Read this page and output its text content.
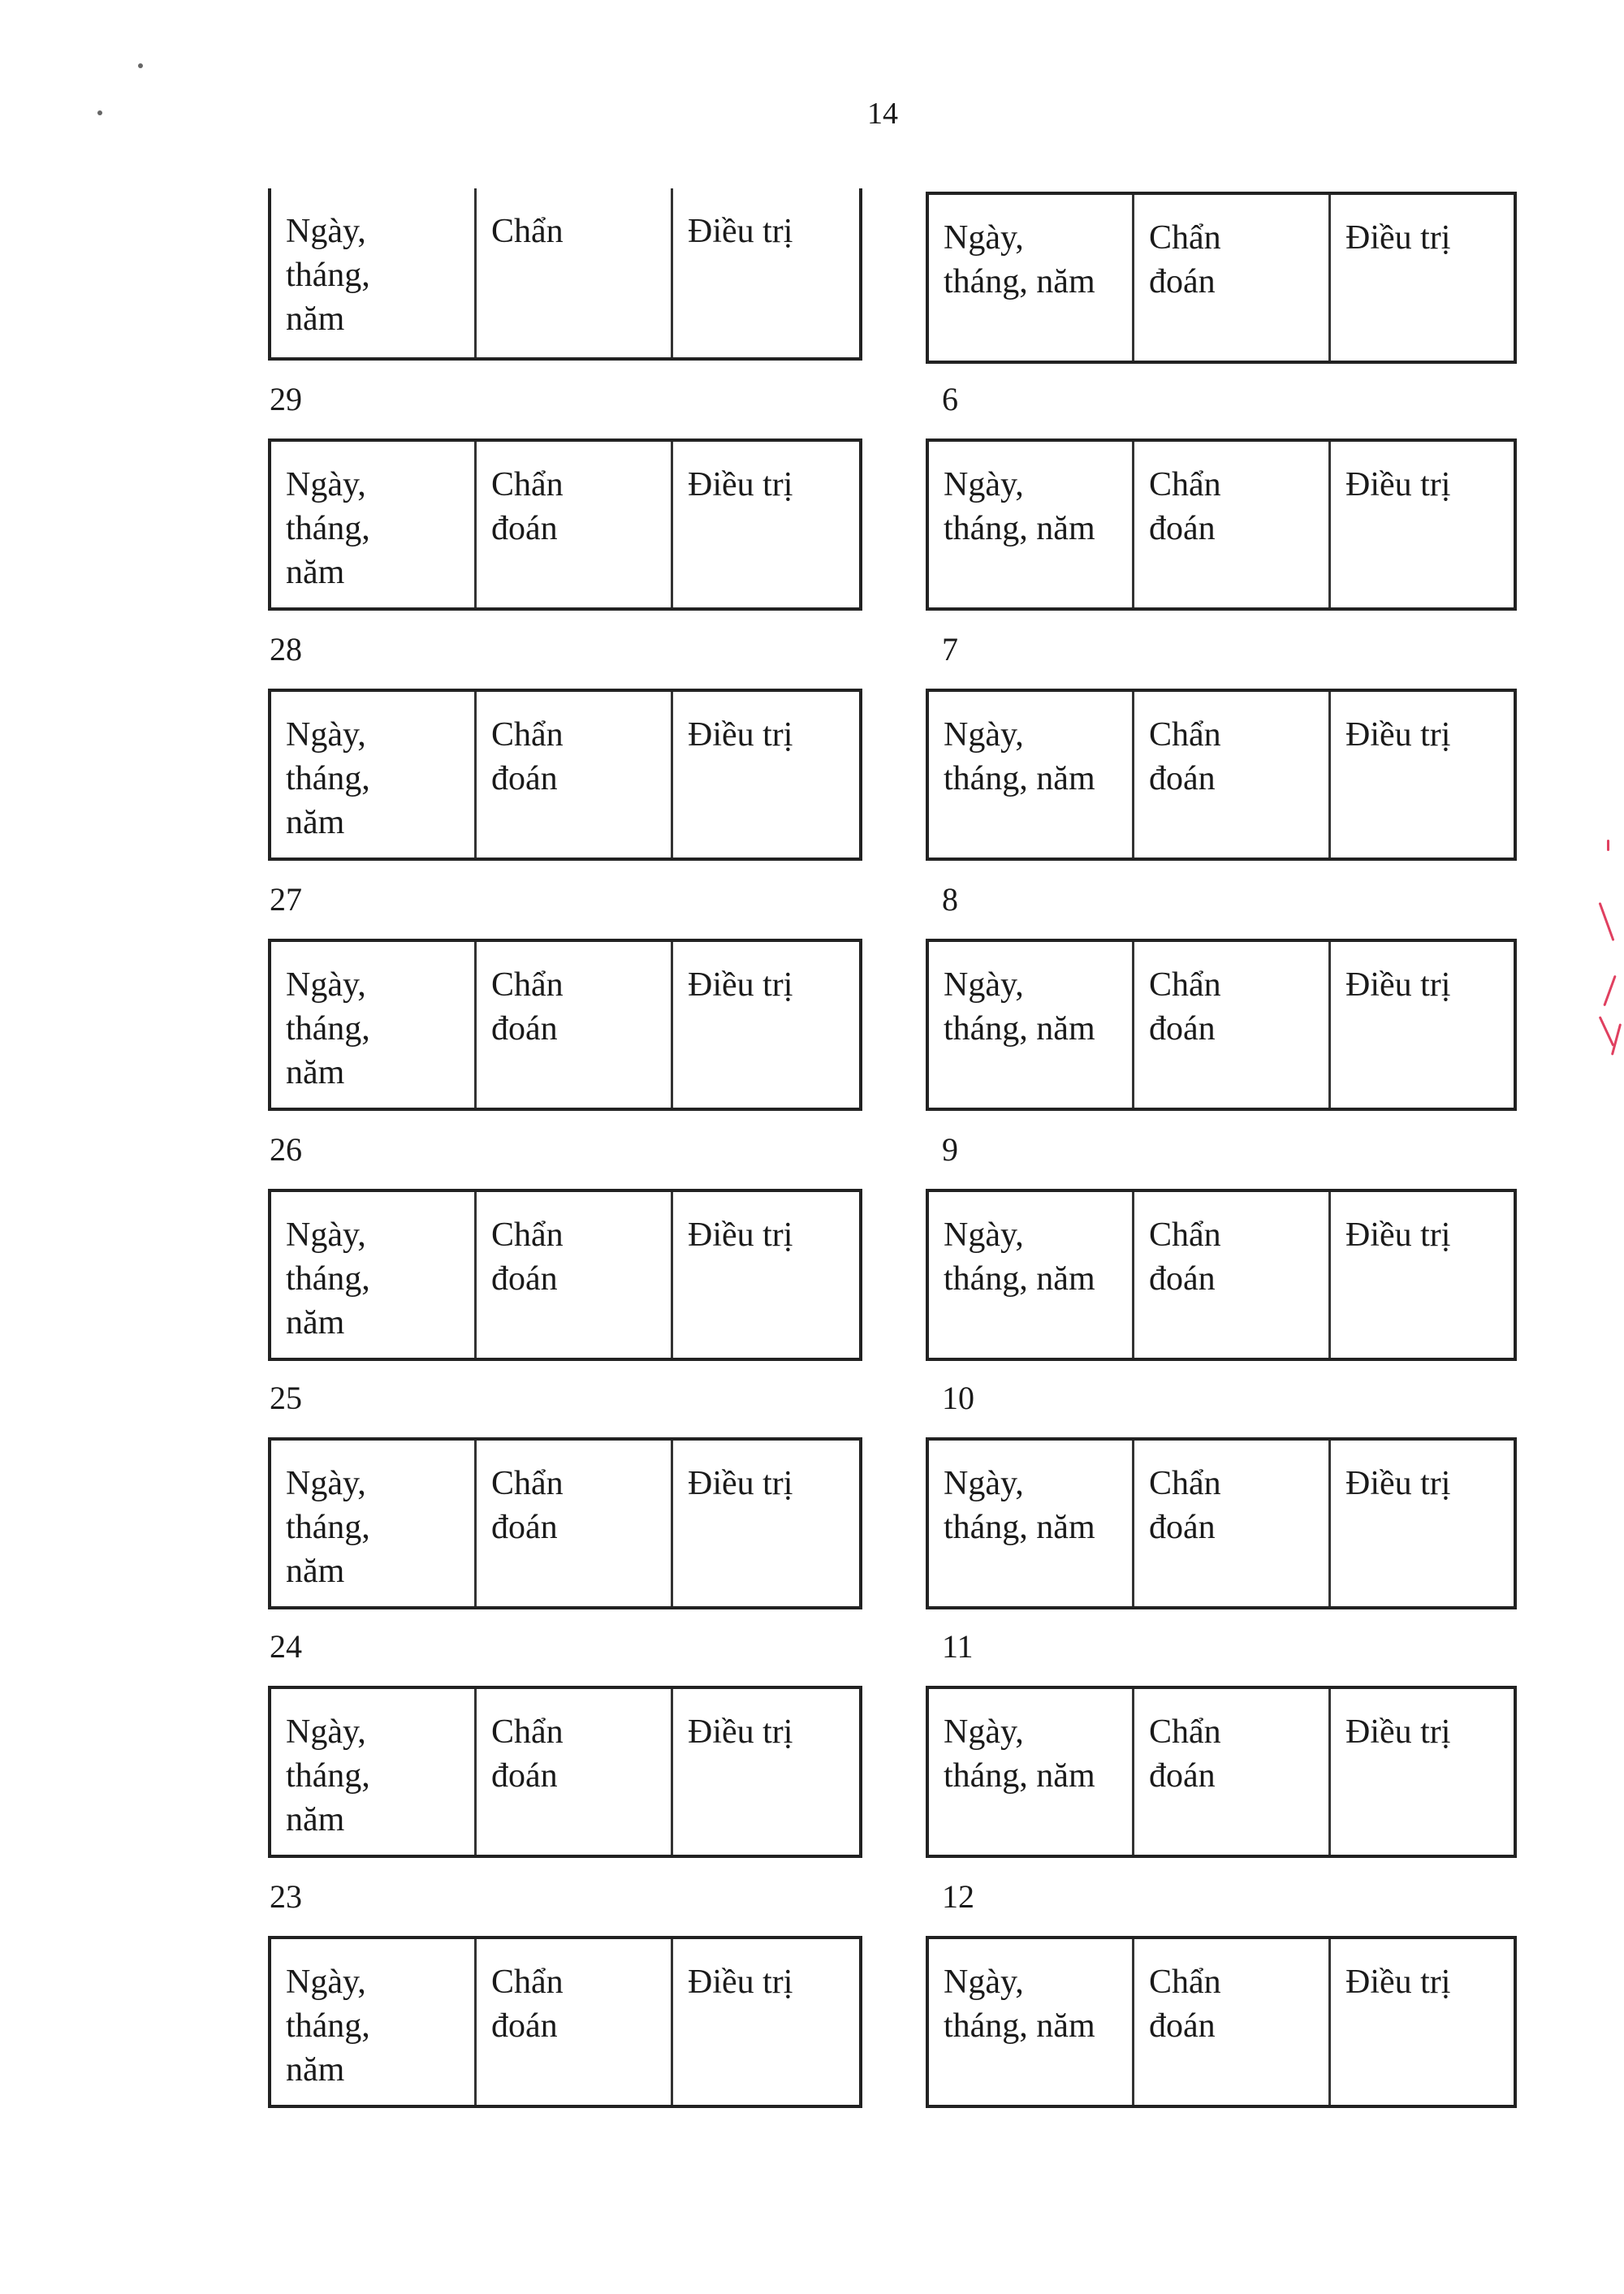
14
Ngày,
tháng,
năm
Chẩn	Điều trị
29
Ngày,
tháng,
năm
Chẩn
đoán
Điều trị
28
Ngày,
tháng,
năm
Chẩn
đoán
Điều trị
27
Ngày,
tháng,
năm
Chẩn
đoán
Điều trị
26
Ngày,
tháng,
năm
Chẩn
đoán
Điều trị
25
Ngày,
tháng,
năm
Chẩn
đoán
Điều trị
24
Ngày,
tháng,
năm
Chẩn
đoán
Điều trị
23
Ngày,
tháng,
năm
Chẩn
đoán
Điều trị
Ngày,
tháng, năm
Chẩn
đoán
Điều trị
6
Ngày,
tháng, năm
Chẩn
đoán
Điều trị
7
Ngày,
tháng, năm
Chẩn
đoán
Điều trị
8
Ngày,
tháng, năm
Chẩn
đoán
Điều trị
9
Ngày,
tháng, năm
Chẩn
đoán
Điều trị
10
Ngày,
tháng, năm
Chẩn
đoán
Điều trị
11
Ngày,
tháng, năm
Chẩn
đoán
Điều trị
12
Ngày,
tháng, năm
Chẩn
đoán
Điều trị
